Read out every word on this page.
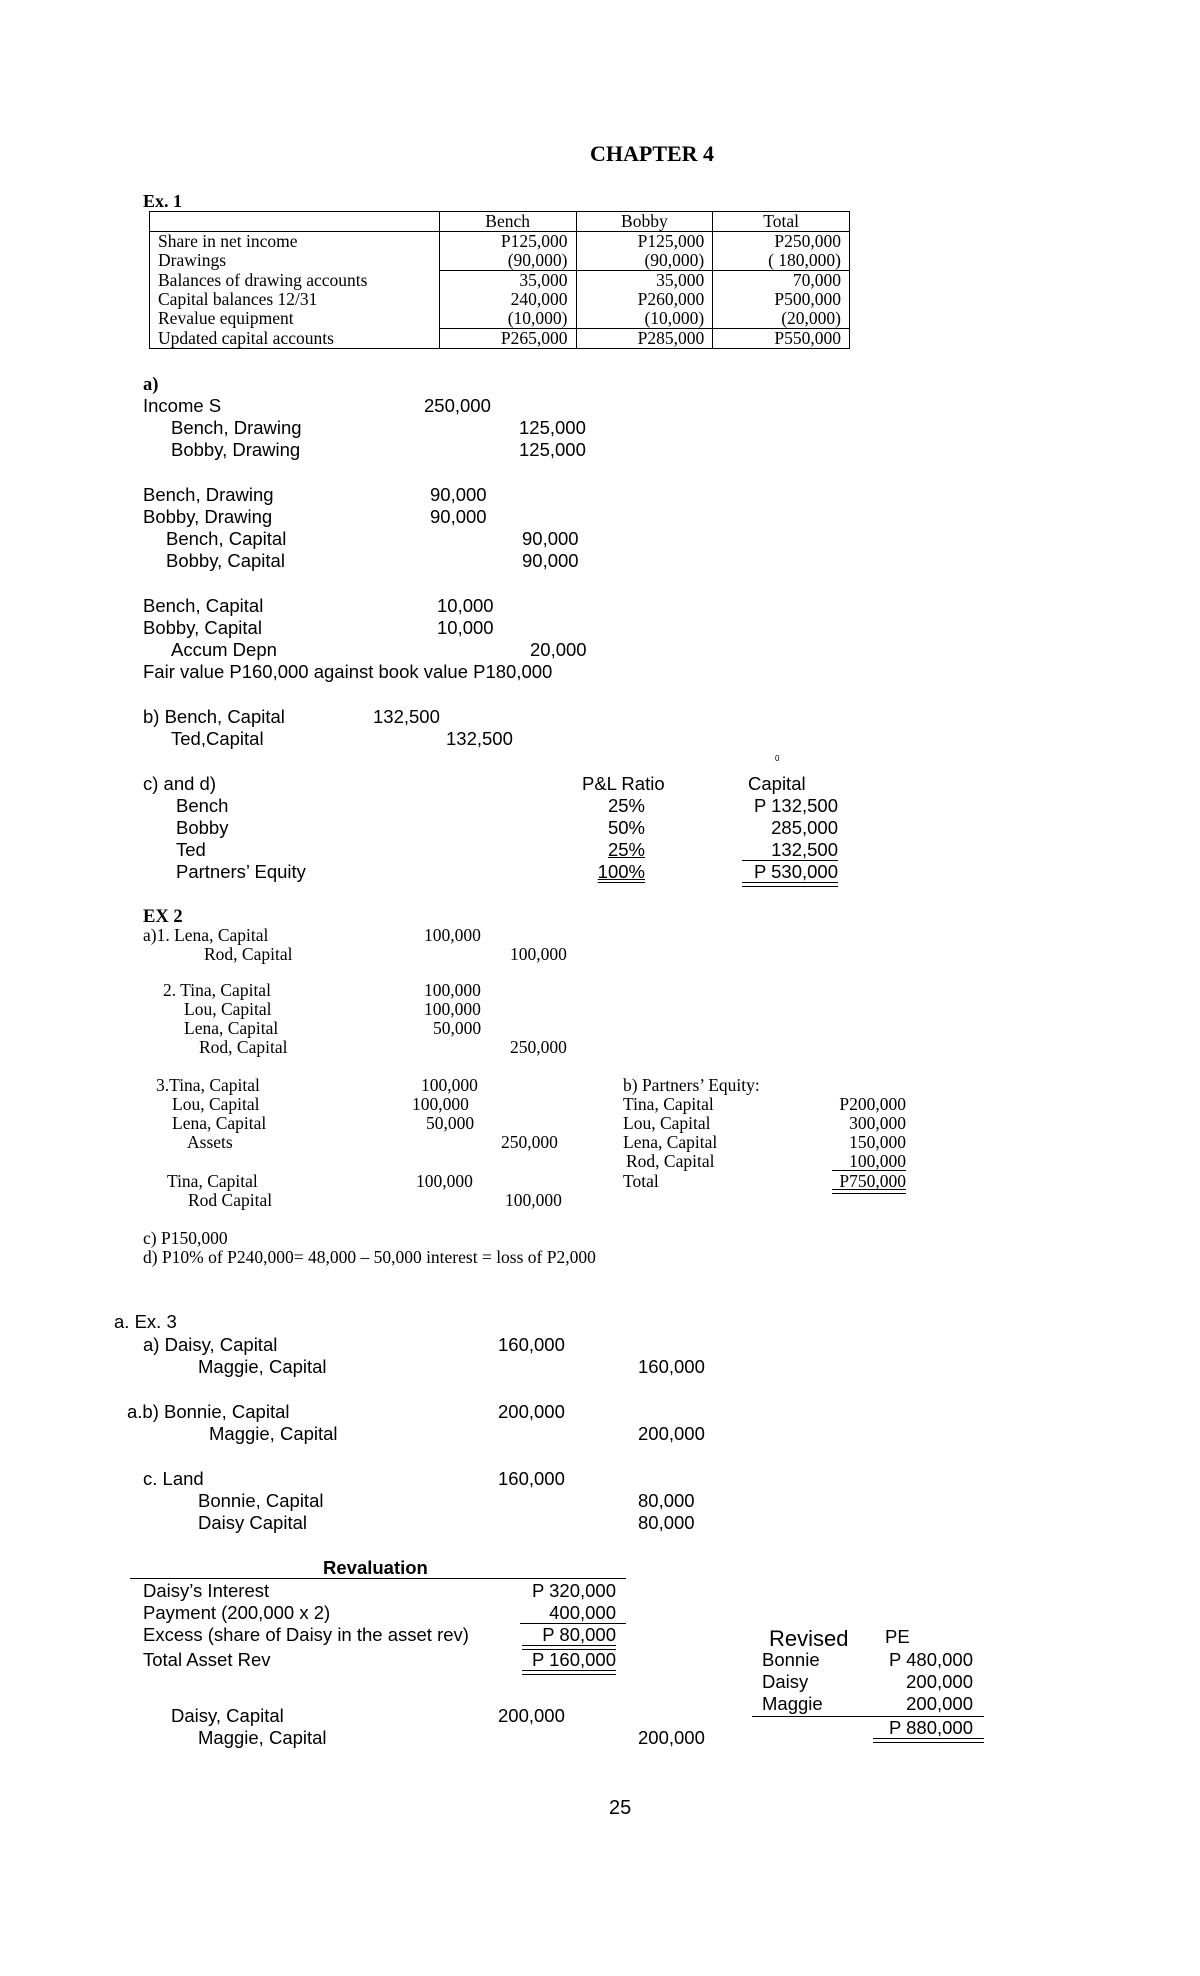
CHAPTER 4
Ex. 1
	Bench	Bobby	Total
Share in net income	P125,000	P125,000	P250,000
Drawings	(90,000)	(90,000)	( 180,000)
Balances of drawing accounts	35,000	35,000	70,000
Capital balances 12/31	240,000	P260,000	P500,000
Revalue equipment	(10,000)	(10,000)	(20,000)
Updated capital accounts	P265,000	P285,000	P550,000
a)
Income S	250,000
Bench, Drawing	125,000
Bobby, Drawing	125,000
Bench, Drawing	90,000
Bobby, Drawing	90,000
Bench, Capital	90,000
Bobby, Capital	90,000
Bench, Capital	10,000
Bobby, Capital	10,000
Accum Depn	20,000
Fair value P160,000 against book value P180,000
b) Bench, Capital	132,500
Ted,Capital	132,500
0
c) and d)	P&L Ratio	Capital
Bench	25%	P 132,500
Bobby	50%	285,000
Ted	25%	132,500
Partners’ Equity	100%	P 530,000
EX 2
a)1. Lena, Capital	100,000
Rod, Capital	100,000
2. Tina, Capital	100,000
Lou, Capital	100,000
Lena, Capital	50,000
Rod, Capital	250,000
3.Tina, Capital	100,000
Lou, Capital	100,000
Lena, Capital	50,000
Assets	250,000
Tina, Capital	100,000
Rod Capital	100,000
b) Partners’ Equity:
Tina, Capital	P200,000
Lou, Capital	300,000
Lena, Capital	150,000
Rod, Capital	100,000
Total	P750,000
c) P150,000
d) P10% of P240,000= 48,000 – 50,000 interest = loss of P2,000
a. Ex. 3
a) Daisy, Capital	160,000
Maggie, Capital	160,000
a.b) Bonnie, Capital	200,000
Maggie, Capital	200,000
c. Land	160,000
Bonnie, Capital	80,000
Daisy Capital	80,000
Revaluation
Daisy’s Interest	P 320,000
Payment (200,000 x 2)	400,000
Excess (share of Daisy in the asset rev)	P 80,000
Total Asset Rev	P 160,000
Daisy, Capital	200,000
Maggie, Capital	200,000
Revised PE
Bonnie	P 480,000
Daisy	200,000
Maggie	200,000
P 880,000
25
